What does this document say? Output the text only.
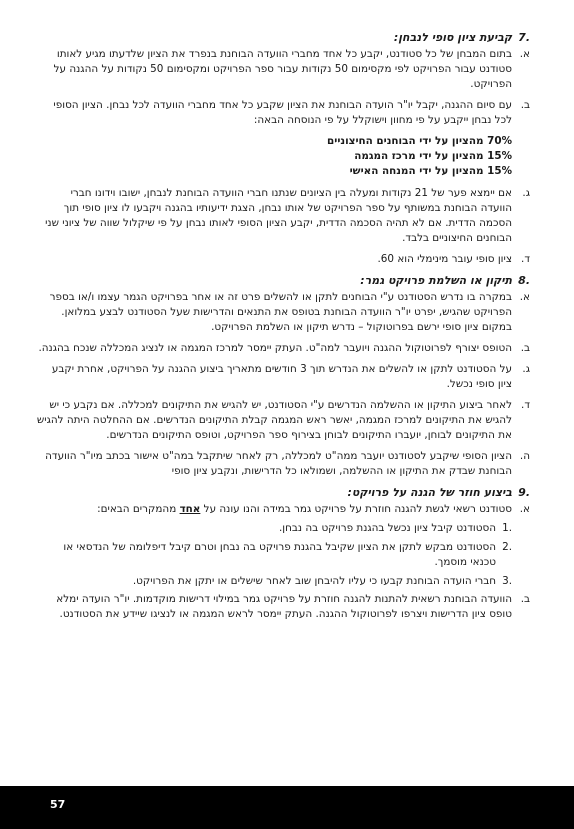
.7
קביעת ציון סופי לנבחן:
א.
בתום המבחן של כל סטודנט, יקבע כל אחד מחברי הוועדה הבוחנת בנפרד את הציון שלדעתו מגיע לאותו סטודנט עבור הפרויקט לפי מקסימום 50 נקודות עבור ספר הפרויקט ומקסימום 50 נקודות על ההגנה על הפרויקט.
ב.
עם סיום ההגנה, יקבל יו"ר הועדה הבוחנת את הציון שקבע כל אחד מחברי הוועדה לכל נבחן. הציון הסופי לכל נבחן ייקבע על פי מחוון וישוקלל על פי הנוסחה הבאה:
70% מהציון על ידי הבוחנים החיצוניים
15% מהציון על ידי מרכז המגמה
15% מהציון על ידי המנחה האישי
ג.
אם יימצא פער של 21 נקודות ומעלה בין הציונים שנתנו חברי הוועדה הבוחנת לנבחן, ישובו וידונו חברי הוועדה הבוחנת במשותף על ספר הפרויקט של אותו נבחן, הצגת ידיעותיו בהגנה ויקבעו לו ציון סופי תוך הסכמה הדדית. אם לא תהיה הסכמה הדדית, יקבע הציון הסופי לאותו נבחן על פי שיקלול שווה של ציוני שני הבוחנים החיצוניים בלבד.
ד.
ציון סופי עובר מינימלי הוא 60.
.8
תיקון או השלמת פרויקט גמר:
א.
במקרה בו נדרש הסטודנט ע"י הבוחנים לתקן או להשלים פרט זה או אחר בפרויקט הגמר עצמו ו/או בספר הפרויקט שהגיש, יפרט יו"ר הוועדה הבוחנת בטופס את התנאים והדרישות שעל הסטודנט לבצע במלואן. במקום ציון סופי ירשם בפרוטוקול – נדרש תיקון או השלמת הפרויקט.
ב.
הטופס יצורף לפרוטוקול ההגנה ויועבר למה"ט. העתק יימסר למרכז המגמה או לנציג המכללה שנכח בהגנה.
ג.
על הסטודנט לתקן או להשלים את הנדרש תוך 3 חודשים מתאריך ביצוע ההגנה על הפרויקט, אחרת יקבע ציון סופי נכשל.
ד.
לאחר ביצוע התיקון או ההשלמה הנדרשים ע"י הסטודנט, יש להגיש את התיקונים למכללה. אם נקבע כי יש להגיש את התיקונים למרכז המגמה, יאשר ראש המגמה קבלת התיקונים הנדרשים. אם ההחלטה היתה להגיש את התיקונים לבוחן, יועברו התיקונים לבוחן בצירוף ספר הפרויקט, וטופס התיקונים הנדרשים.
ה.
הציון הסופי שיקבע לסטודנט יועבר ממה"ט למכללה, רק לאחר שיתקבל במה"ט אישור בכתב מיו"ר הוועדה הבוחנת שבדק את התיקון או ההשלמה, ושמולאו כל הדרישות, ונקבע ציון סופי
.9
ביצוע חוזר של הגנה על פרויקט:
א.
סטודנט רשאי לגשת להגנה חוזרת על פרויקט גמר במידה והנו עונה על אחד מהמקרים הבאים:
.1
הסטודנט קיבל ציון נכשל בהגנת פרויקט בה נבחן.
.2
הסטודנט מבקש לתקן את הציון שקיבל בהגנת פרויקט בה נבחן וטרם קיבל דיפלומה של הנדסאי או טכנאי מוסמך.
.3
חברי הועדה הבוחנת קבעו כי עליו להיבחן שוב לאחר שישלים או יתקן את הפרויקט.
ב.
הוועדה הבוחנת רשאית להתנות להגנה חוזרת על פרויקט גמר במילוי דרישות מוקדמות. יו"ר הועדה ימלא טופס ציון הדרישות ויצרפו לפרוטוקול ההגנה. העתק יימסר לראש המגמה או לנציגו שיידע את הסטודנט.
57
